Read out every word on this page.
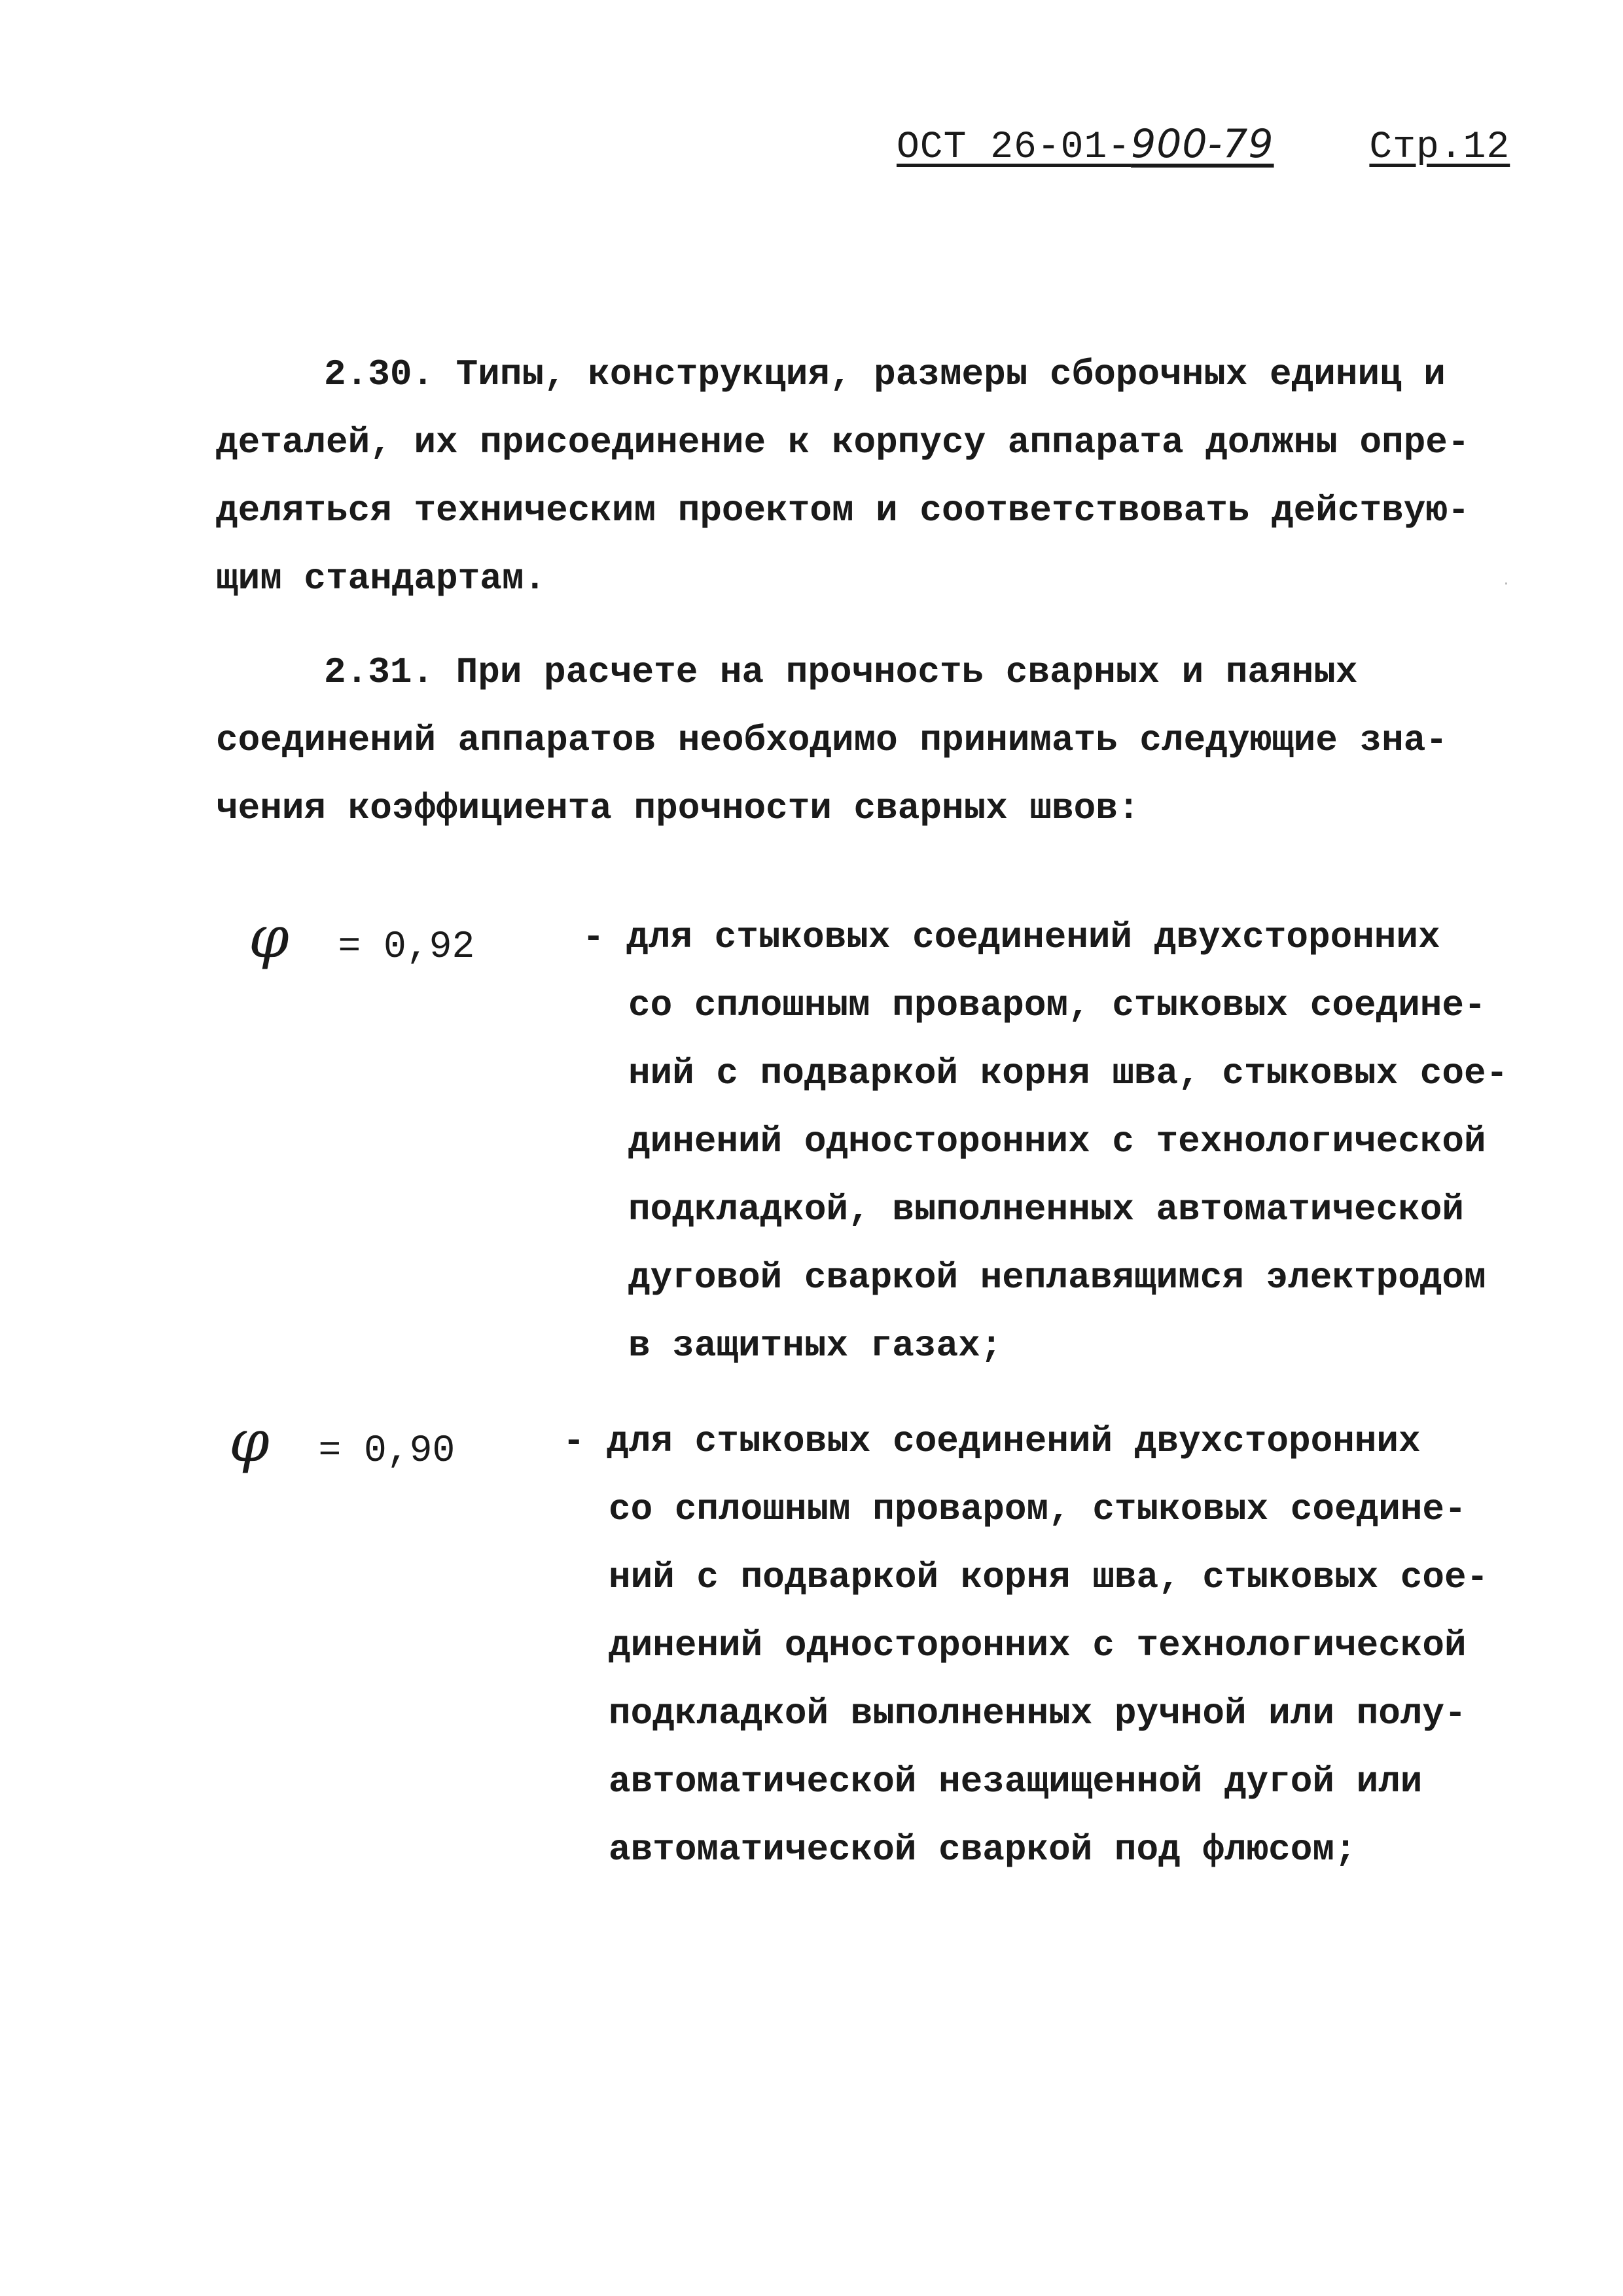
ОСТ 26-01-900-79	Стр.12
2.30. Типы, конструкция, размеры сборочных единиц и
деталей, их присоединение к корпусу аппарата должны опре-
деляться техническим проектом и соответствовать действую-
щим стандартам.
2.31. При расчете на прочность сварных и паяных
соединений аппаратов необходимо принимать следующие зна-
чения коэффициента прочности сварных швов:
φ = 0,92	- для стыковых соединений двухсторонних
со сплошным проваром, стыковых соедине-
ний с подваркой корня шва, стыковых сое-
динений односторонних с технологической
подкладкой, выполненных автоматической
дуговой сваркой неплавящимся электродом
в защитных газах;
φ = 0,90	- для стыковых соединений двухсторонних
со сплошным проваром, стыковых соедине-
ний с подваркой корня шва, стыковых сое-
динений односторонних с технологической
подкладкой выполненных ручной или полу-
автоматической незащищенной дугой или
автоматической сваркой под флюсом;
